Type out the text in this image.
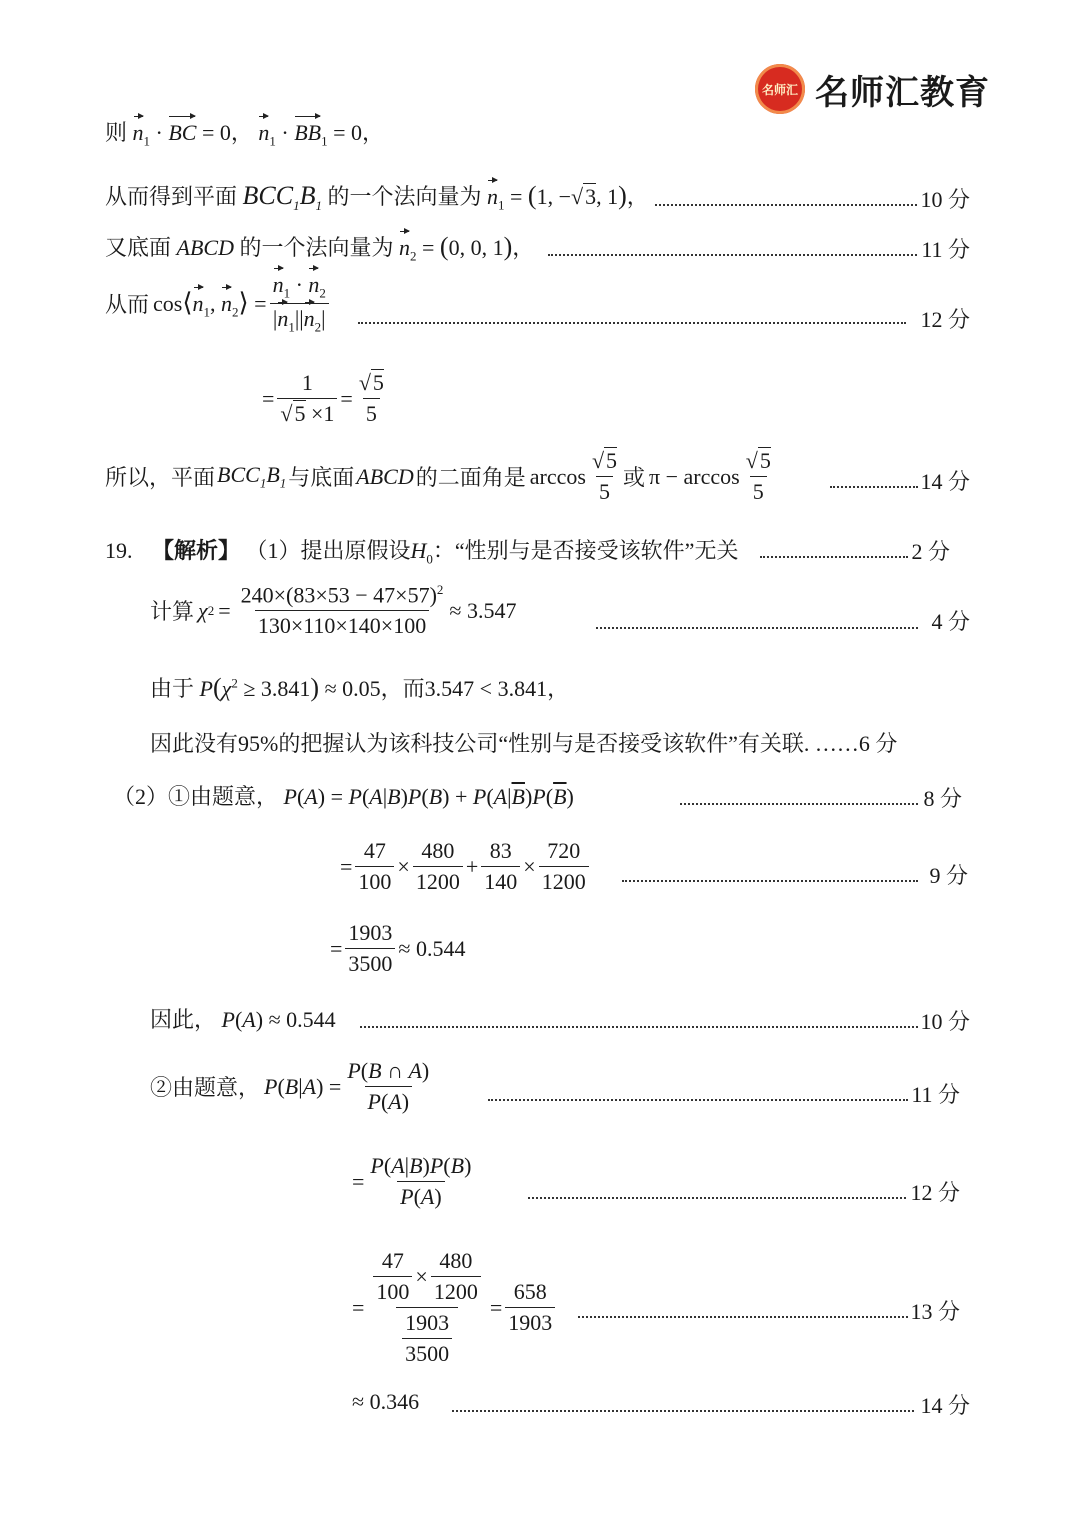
名师汇 名师汇教育
则 $n_1$ · BC = 0， $n_1 \cdot BB_1 = 0$，
从而得到平面 $BCC_1B_1$ 的一个法向量为 $n_1 = (1$, −√3, 1)，	10 分
又底面 ABCD 的一个法向量为 $n_2 = (0$, 0, 1)，	11 分
从而 $\cos⟨n_1$, $n_2⟩ = \frac{n_1 \cdot n_2}{|n_1||n_2|}$	12 分
= $\frac{1}{√5 \times 1} = \frac{√5}{5}$
所以，平面 $BCC_1B_1$ 与底面 ABCD 的二面角是 $\arccos \frac{√5}{5}$ 或 $\pi - \arccos \frac{√5}{5}$	14 分
19. 【解析】 （1）提出原假设$H_0$：“性别与是否接受该软件”无关	2 分
计算 χ $2 = \frac{240\times(83\times 53 - 47\times 57)^2}{130\times 110\times 140\times 100} \approx 3.547$	4 分
由于 $P(\chi^2 \ge 3.841) \approx 0.05$，而3.547 < 3.841，
因此没有95%的把握认为该科技公司“性别与是否接受该软件”有关联. ……6 分
（2）①由题意， $P(A) = P(A|B)P(B) + P(A|\overline{B})P(\overline{B})$	8 分
= $\frac{47}{100} \times \frac{480}{1200} + \frac{83}{140} \times \frac{720}{1200}$	9 分
= $\frac{1903}{3500} \approx 0.544$
因此， P(A) ≈ 0.544	10 分
②由题意， $P(B|A) = \frac{P(B \cap A)}{P(A)}$	11 分
= $\frac{P(A|B)P(B)}{P(A)}$	12 分
= $\frac{\frac{47}{100} \times \frac{480}{1200}}{\frac{1903}{3500}} = \frac{658}{1903}$	13 分
≈ 0.346	14 分
